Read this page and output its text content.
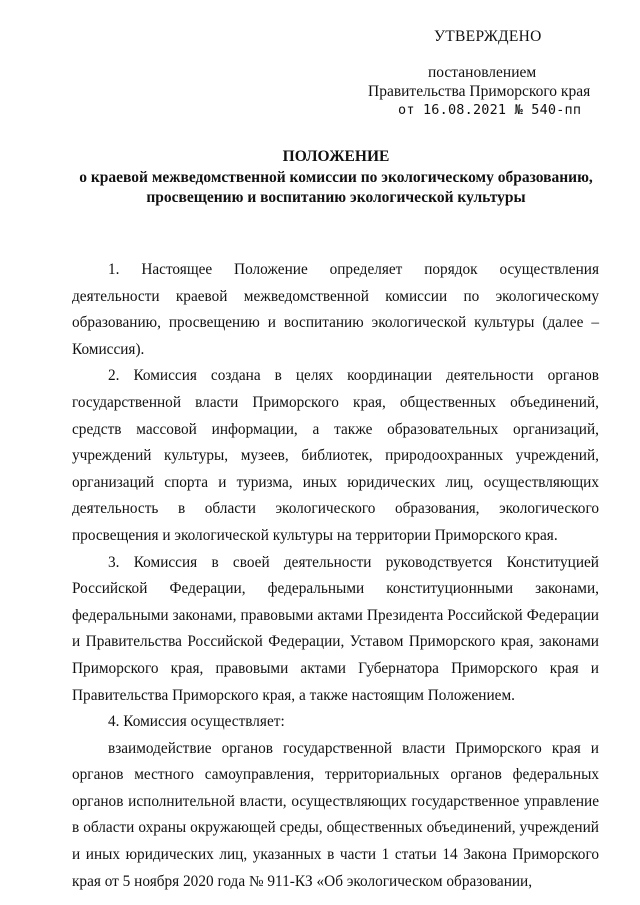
УТВЕРЖДЕНО
постановлением
Правительства Приморского края
от 16.08.2021 № 540-пп
ПОЛОЖЕНИЕ
о краевой межведомственной комиссии по экологическому образованию,
просвещению и воспитанию экологической культуры

1. Настоящее Положение определяет порядок осуществления деятельности краевой межведомственной комиссии по экологическому образованию, просвещению и воспитанию экологической культуры (далее – Комиссия).

2. Комиссия создана в целях координации деятельности органов государственной власти Приморского края, общественных объединений, средств массовой информации, а также образовательных организаций, учреждений культуры, музеев, библиотек, природоохранных учреждений, организаций спорта и туризма, иных юридических лиц, осуществляющих деятельность в области экологического образования, экологического просвещения и экологической культуры на территории Приморского края.

3. Комиссия в своей деятельности руководствуется Конституцией Российской Федерации, федеральными конституционными законами, федеральными законами, правовыми актами Президента Российской Федерации и Правительства Российской Федерации, Уставом Приморского края, законами Приморского края, правовыми актами Губернатора Приморского края и Правительства Приморского края, а также настоящим Положением.

4. Комиссия осуществляет:

взаимодействие органов государственной власти Приморского края и органов местного самоуправления, территориальных органов федеральных органов исполнительной власти, осуществляющих государственное управление в области охраны окружающей среды, общественных объединений, учреждений и иных юридических лиц, указанных в части 1 статьи 14 Закона Приморского края от 5 ноября 2020 года № 911-КЗ «Об экологическом образовании,
